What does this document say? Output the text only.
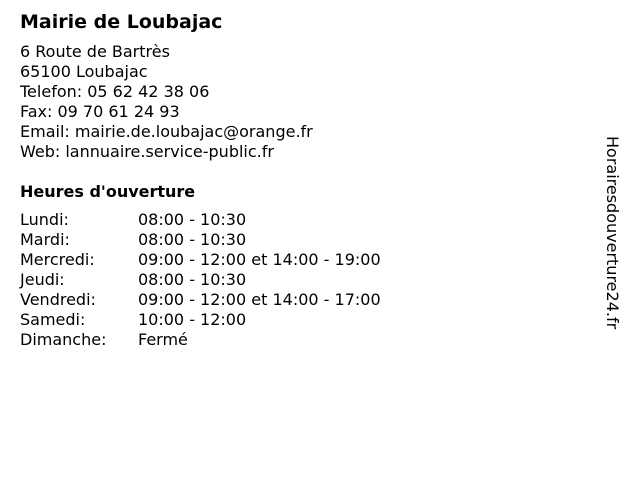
Mairie de Loubajac
6 Route de Bartrès
65100 Loubajac
Telefon: 05 62 42 38 06
Fax: 09 70 61 24 93
Email: mairie.de.loubajac@orange.fr
Web: lannuaire.service-public.fr
Heures d'ouverture
Lundi:	08:00 - 10:30
Mardi:	08:00 - 10:30
Mercredi:	09:00 - 12:00 et 14:00 - 19:00
Jeudi:	08:00 - 10:30
Vendredi:	09:00 - 12:00 et 14:00 - 17:00
Samedi:	10:00 - 12:00
Dimanche:	Fermé
Horairesdouverture24.fr
